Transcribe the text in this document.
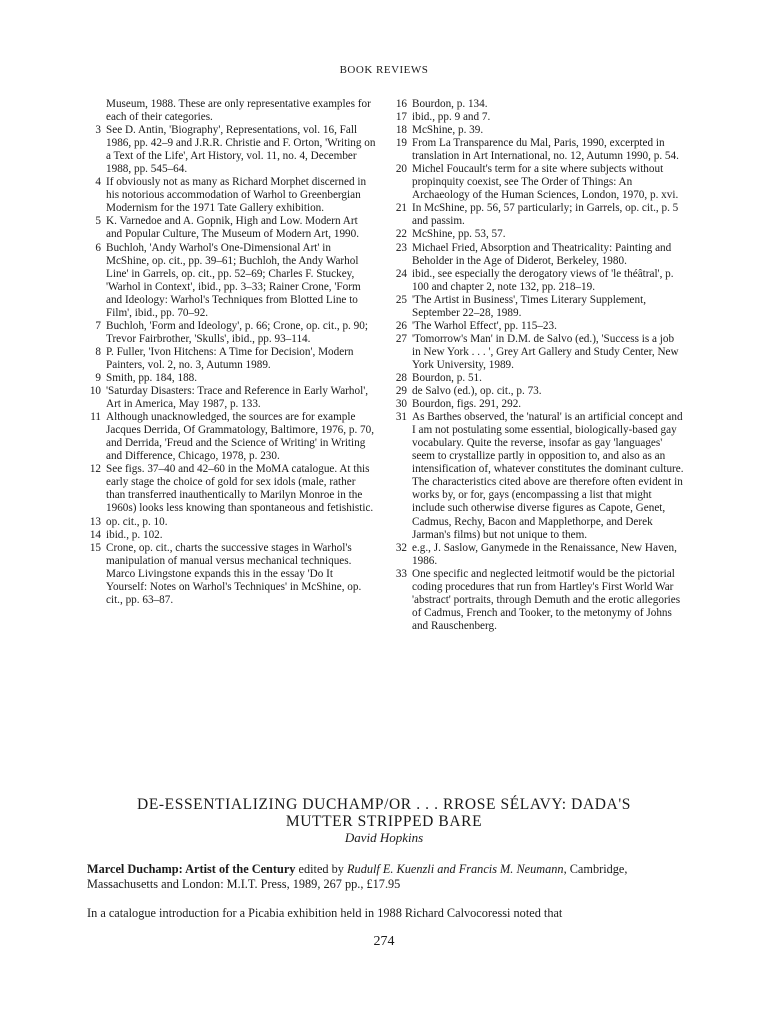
BOOK REVIEWS
Museum, 1988. These are only representative examples for each of their categories.
3 See D. Antin, 'Biography', Representations, vol. 16, Fall 1986, pp. 42–9 and J.R.R. Christie and F. Orton, 'Writing on a Text of the Life', Art History, vol. 11, no. 4, December 1988, pp. 545–64.
4 If obviously not as many as Richard Morphet discerned in his notorious accommodation of Warhol to Greenbergian Modernism for the 1971 Tate Gallery exhibition.
5 K. Varnedoe and A. Gopnik, High and Low. Modern Art and Popular Culture, The Museum of Modern Art, 1990.
6 Buchloh, 'Andy Warhol's One-Dimensional Art' in McShine, op. cit., pp. 39–61; Buchloh, the Andy Warhol Line' in Garrels, op. cit., pp. 52–69; Charles F. Stuckey, 'Warhol in Context', ibid., pp. 3–33; Rainer Crone, 'Form and Ideology: Warhol's Techniques from Blotted Line to Film', ibid., pp. 70–92.
7 Buchloh, 'Form and Ideology', p. 66; Crone, op. cit., p. 90; Trevor Fairbrother, 'Skulls', ibid., pp. 93–114.
8 P. Fuller, 'Ivon Hitchens: A Time for Decision', Modern Painters, vol. 2, no. 3, Autumn 1989.
9 Smith, pp. 184, 188.
10 'Saturday Disasters: Trace and Reference in Early Warhol', Art in America, May 1987, p. 133.
11 Although unacknowledged, the sources are for example Jacques Derrida, Of Grammatology, Baltimore, 1976, p. 70, and Derrida, 'Freud and the Science of Writing' in Writing and Difference, Chicago, 1978, p. 230.
12 See figs. 37–40 and 42–60 in the MoMA catalogue. At this early stage the choice of gold for sex idols (male, rather than transferred inauthentically to Marilyn Monroe in the 1960s) looks less knowing than spontaneous and fetishistic.
13 op. cit., p. 10.
14 ibid., p. 102.
15 Crone, op. cit., charts the successive stages in Warhol's manipulation of manual versus mechanical techniques. Marco Livingstone expands this in the essay 'Do It Yourself: Notes on Warhol's Techniques' in McShine, op. cit., pp. 63–87.
16 Bourdon, p. 134.
17 ibid., pp. 9 and 7.
18 McShine, p. 39.
19 From La Transparence du Mal, Paris, 1990, excerpted in translation in Art International, no. 12, Autumn 1990, p. 54.
20 Michel Foucault's term for a site where subjects without propinquity coexist, see The Order of Things: An Archaeology of the Human Sciences, London, 1970, p. xvi.
21 In McShine, pp. 56, 57 particularly; in Garrels, op. cit., p. 5 and passim.
22 McShine, pp. 53, 57.
23 Michael Fried, Absorption and Theatricality: Painting and Beholder in the Age of Diderot, Berkeley, 1980.
24 ibid., see especially the derogatory views of 'le théâtral', p. 100 and chapter 2, note 132, pp. 218–19.
25 'The Artist in Business', Times Literary Supplement, September 22–28, 1989.
26 'The Warhol Effect', pp. 115–23.
27 'Tomorrow's Man' in D.M. de Salvo (ed.), 'Success is a job in New York . . . ', Grey Art Gallery and Study Center, New York University, 1989.
28 Bourdon, p. 51.
29 de Salvo (ed.), op. cit., p. 73.
30 Bourdon, figs. 291, 292.
31 As Barthes observed, the 'natural' is an artificial concept and I am not postulating some essential, biologically-based gay vocabulary. Quite the reverse, insofar as gay 'languages' seem to crystallize partly in opposition to, and also as an intensification of, whatever constitutes the dominant culture. The characteristics cited above are therefore often evident in works by, or for, gays (encompassing a list that might include such otherwise diverse figures as Capote, Genet, Cadmus, Rechy, Bacon and Mapplethorpe, and Derek Jarman's films) but not unique to them.
32 e.g., J. Saslow, Ganymede in the Renaissance, New Haven, 1986.
33 One specific and neglected leitmotif would be the pictorial coding procedures that run from Hartley's First World War 'abstract' portraits, through Demuth and the erotic allegories of Cadmus, French and Tooker, to the metonymy of Johns and Rauschenberg.
DE-ESSENTIALIZING DUCHAMP/OR . . . RROSE SÉLAVY: DADA'S
MUTTER STRIPPED BARE
David Hopkins
Marcel Duchamp: Artist of the Century edited by Rudulf E. Kuenzli and Francis M. Neumann, Cambridge, Massachusetts and London: M.I.T. Press, 1989, 267 pp., £17.95
In a catalogue introduction for a Picabia exhibition held in 1988 Richard Calvocoressi noted that
274
